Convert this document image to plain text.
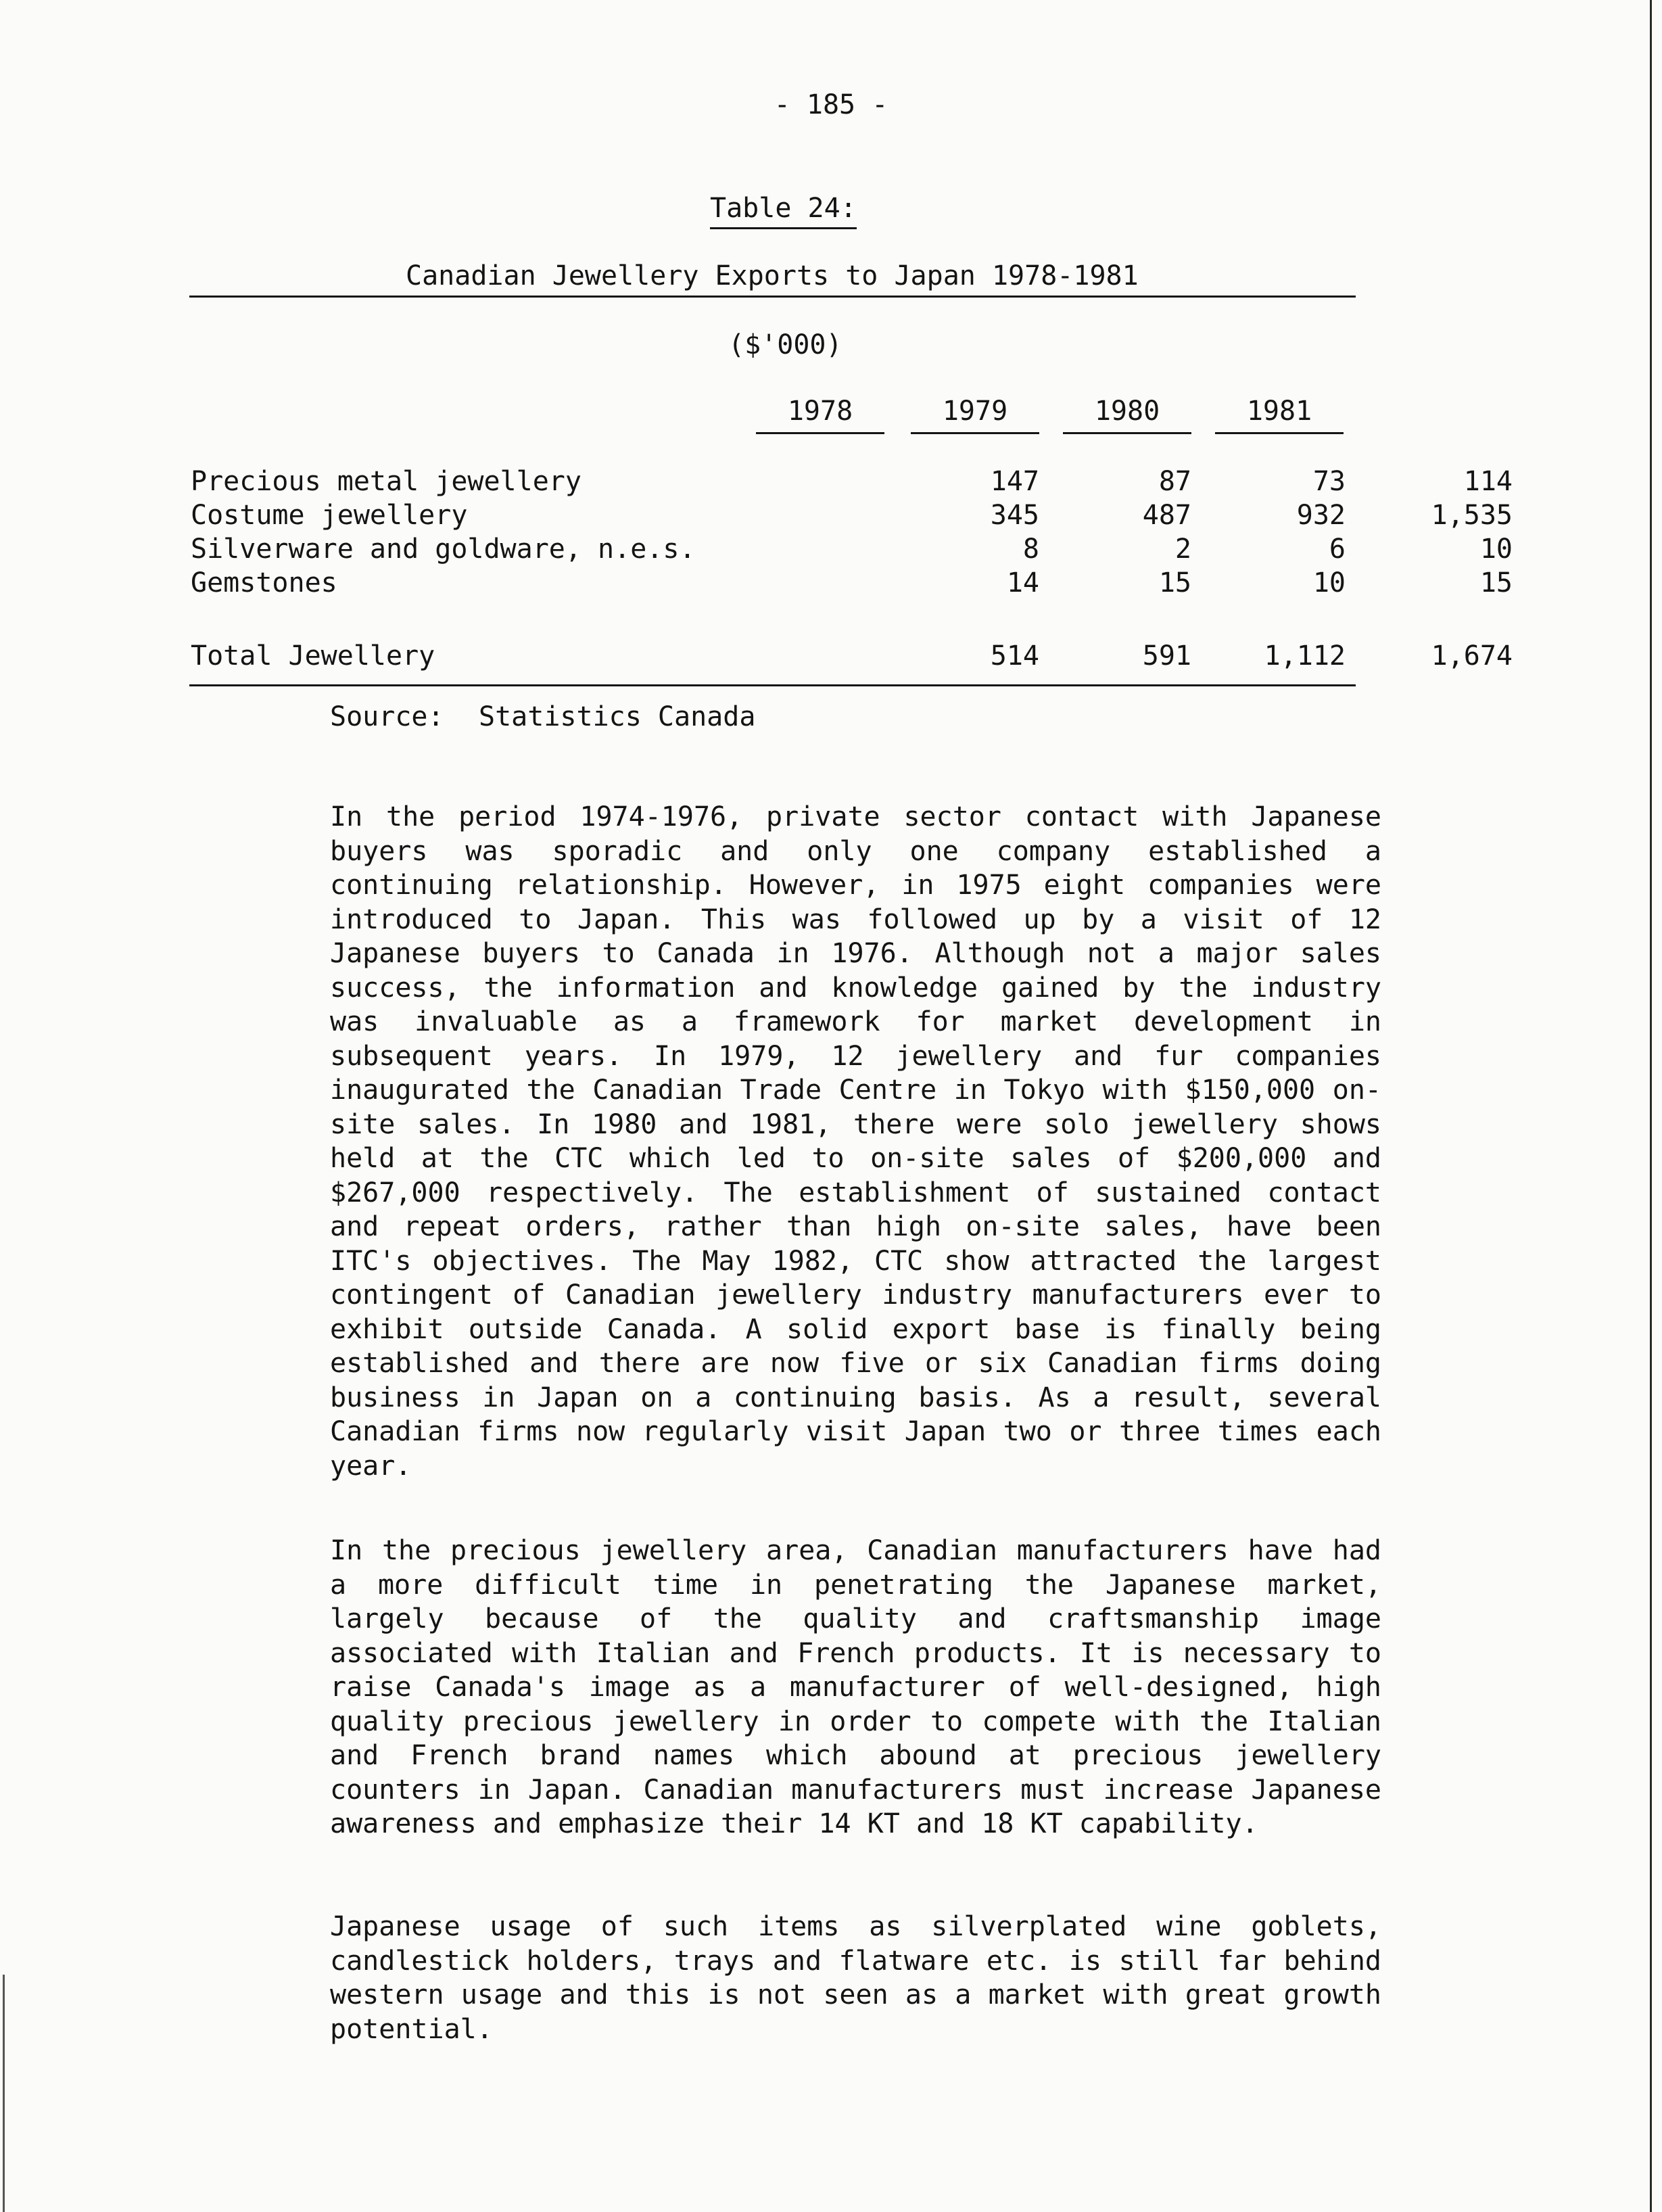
- 185 -
Table 24:
Canadian Jewellery Exports to Japan 1978-1981
($'000)
1978	1979	1980	1981
Precious metal jewellery	147	87	73	114
Costume jewellery	345	487	932	1,535
Silverware and goldware, n.e.s.	8	2	6	10
Gemstones	14	15	10	15
Total Jewellery	514	591	1,112	1,674
Source: Statistics Canada

In the period 1974-1976, private sector contact with Japanese buyers was sporadic and only one company established a continuing relationship. However, in 1975 eight companies were introduced to Japan. This was followed up by a visit of 12 Japanese buyers to Canada in 1976. Although not a major sales success, the information and knowledge gained by the industry was invaluable as a framework for market development in subsequent years. In 1979, 12 jewellery and fur companies inaugurated the Canadian Trade Centre in Tokyo with $150,000 on-site sales. In 1980 and 1981, there were solo jewellery shows held at the CTC which led to on-site sales of $200,000 and $267,000 respectively. The establishment of sustained contact and repeat orders, rather than high on-site sales, have been ITC's objectives. The May 1982, CTC show attracted the largest contingent of Canadian jewellery industry manufacturers ever to exhibit outside Canada. A solid export base is finally being established and there are now five or six Canadian firms doing business in Japan on a continuing basis. As a result, several Canadian firms now regularly visit Japan two or three times each year.

In the precious jewellery area, Canadian manufacturers have had a more difficult time in penetrating the Japanese market, largely because of the quality and craftsmanship image associated with Italian and French products. It is necessary to raise Canada's image as a manufacturer of well-designed, high quality precious jewellery in order to compete with the Italian and French brand names which abound at precious jewellery counters in Japan. Canadian manufacturers must increase Japanese awareness and emphasize their 14 KT and 18 KT capability.

Japanese usage of such items as silverplated wine goblets, candlestick holders, trays and flatware etc. is still far behind western usage and this is not seen as a market with great growth potential.
